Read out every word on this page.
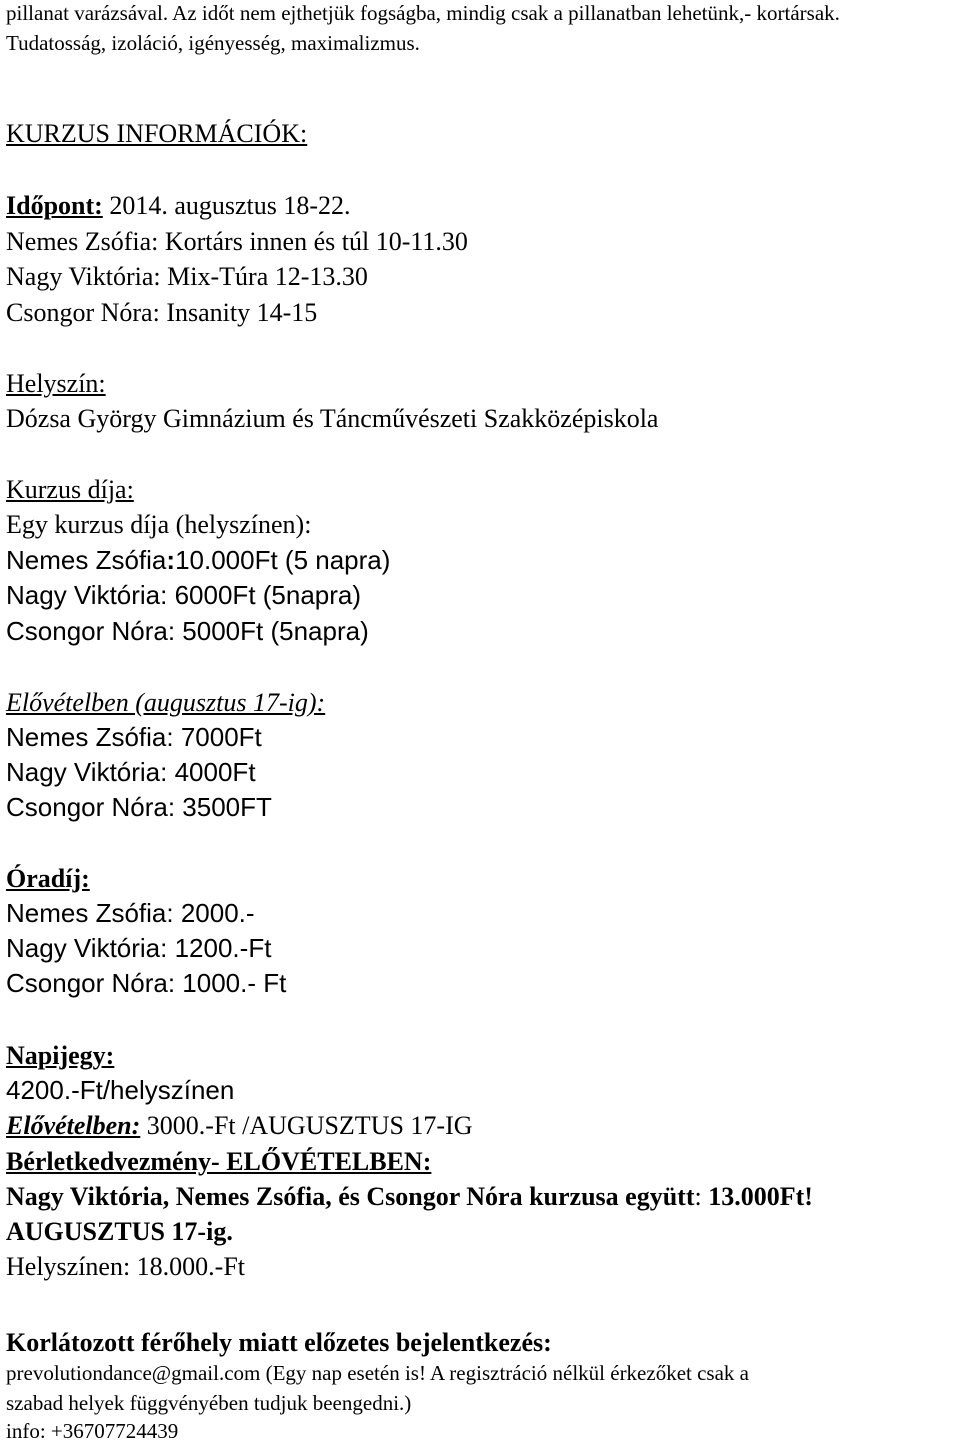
pillanat varázsával. Az időt nem ejthetjük fogságba, mindig csak a pillanatban lehetünk,- kortársak.
Tudatosság, izoláció, igényesség, maximalizmus.
KURZUS INFORMÁCIÓK:
Időpont: 2014. augusztus 18-22.
Nemes Zsófia: Kortárs innen és túl 10-11.30
Nagy Viktória: Mix-Túra 12-13.30
Csongor Nóra: Insanity 14-15
Helyszín:
Dózsa György Gimnázium és Táncművészeti Szakközépiskola
Kurzus díja:
Egy kurzus díja (helyszínen):
Nemes Zsófia:10.000Ft (5 napra)
Nagy Viktória: 6000Ft (5napra)
Csongor Nóra: 5000Ft (5napra)
Elővételben (augusztus 17-ig):
Nemes Zsófia: 7000Ft
Nagy Viktória: 4000Ft
Csongor Nóra: 3500FT
Óradíj:
Nemes Zsófia: 2000.-
Nagy Viktória: 1200.-Ft
Csongor Nóra: 1000.- Ft
Napijegy:
4200.-Ft/helyszínen
Elővételben: 3000.-Ft /AUGUSZTUS 17-IG
Bérletkedvezmény- ELŐVÉTELBEN:
Nagy Viktória, Nemes Zsófia, és Csongor Nóra kurzusa együtt: 13.000Ft!
AUGUSZTUS 17-ig.
Helyszínen: 18.000.-Ft
Korlátozott férőhely miatt előzetes bejelentkezés:
prevolutiondance@gmail.com (Egy nap esetén is! A regisztráció nélkül érkezőket csak a
szabad helyek függvényében tudjuk beengedni.)
info: +36707724439
